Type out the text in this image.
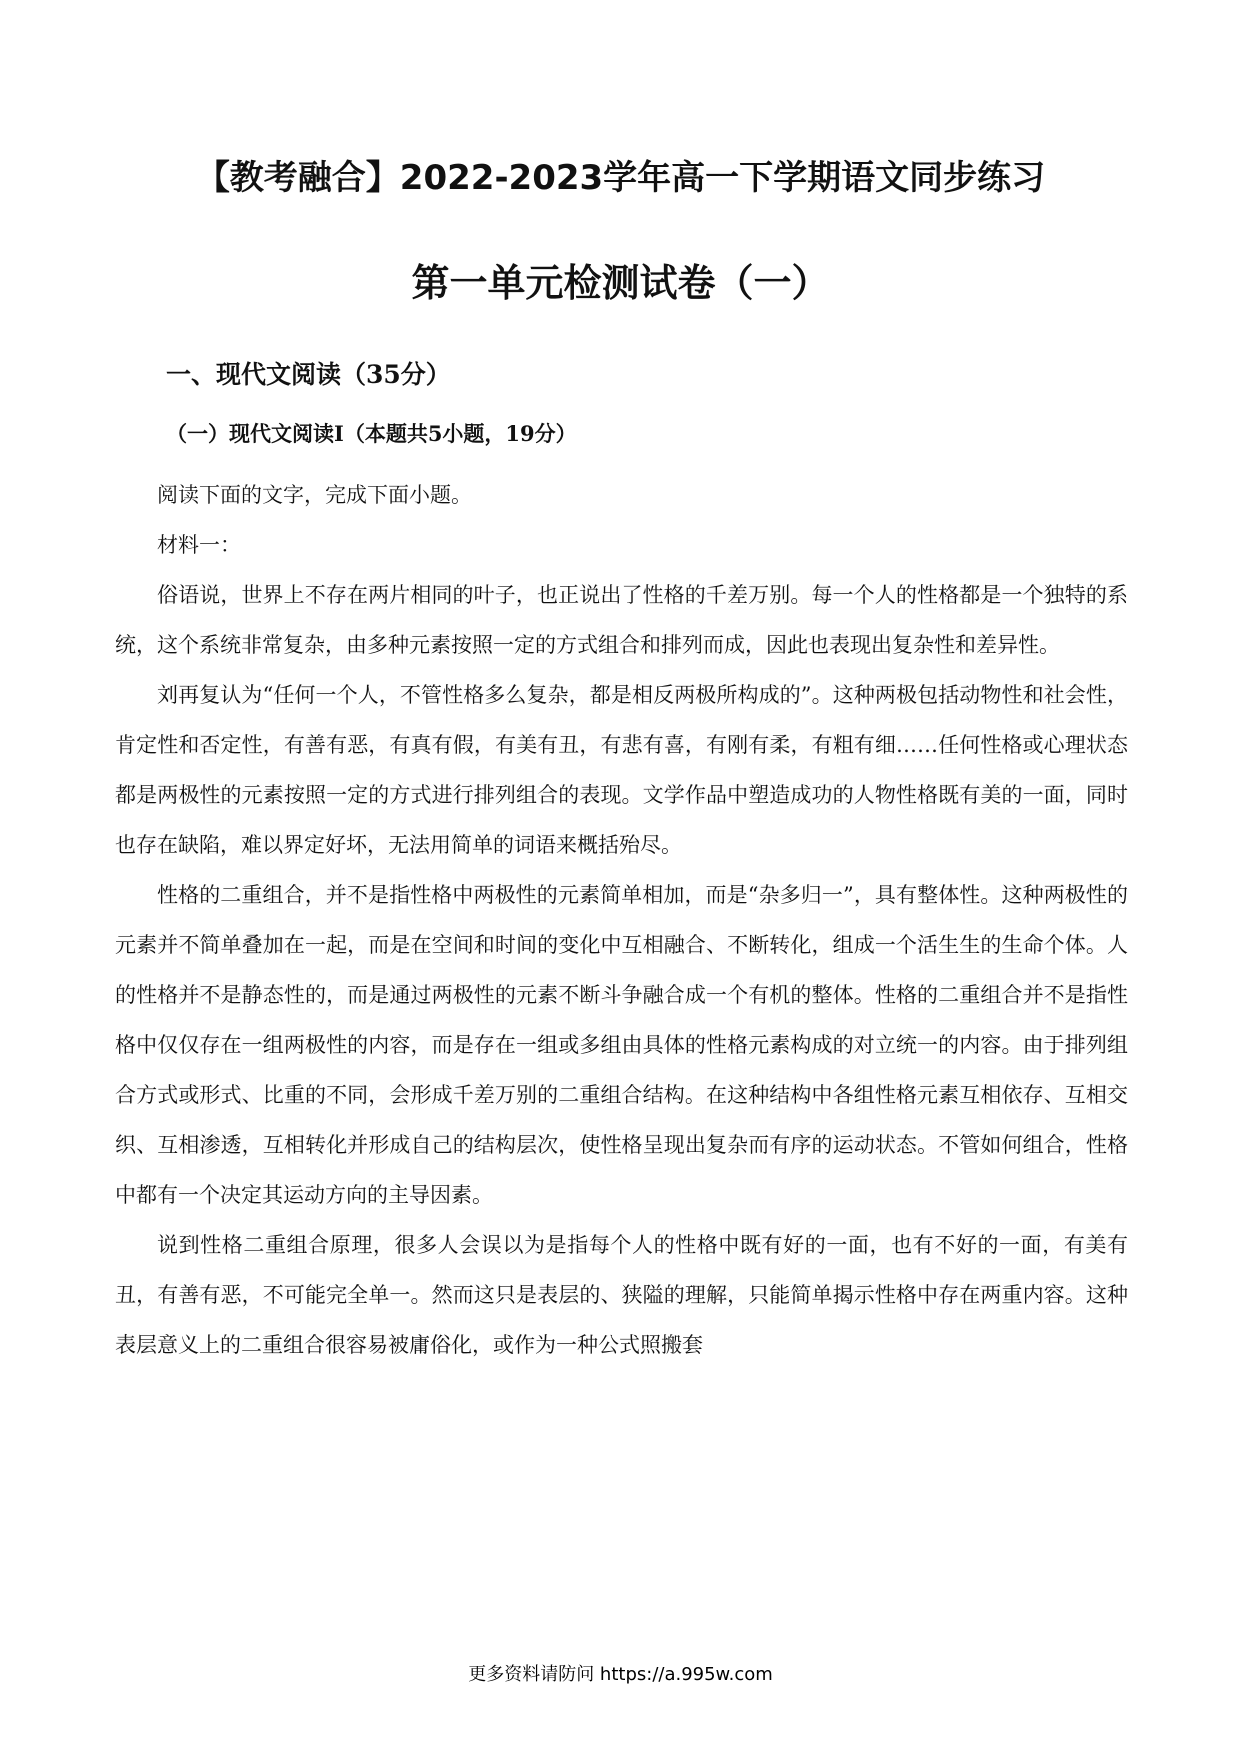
【教考融合】2022-2023学年高一下学期语文同步练习
第一单元检测试卷（一）
一、现代文阅读（35分）
（一）现代文阅读Ⅰ（本题共5小题，19分）

阅读下面的文字，完成下面小题。

材料一：

俗语说，世界上不存在两片相同的叶子，也正说出了性格的千差万别。每一个人的性格都是一个独特的系统，这个系统非常复杂，由多种元素按照一定的方式组合和排列而成，因此也表现出复杂性和差异性。

刘再复认为“任何一个人，不管性格多么复杂，都是相反两极所构成的”。这种两极包括动物性和社会性，肯定性和否定性，有善有恶，有真有假，有美有丑，有悲有喜，有刚有柔，有粗有细……任何性格或心理状态都是两极性的元素按照一定的方式进行排列组合的表现。文学作品中塑造成功的人物性格既有美的一面，同时也存在缺陷，难以界定好坏，无法用简单的词语来概括殆尽。

性格的二重组合，并不是指性格中两极性的元素简单相加，而是“杂多归一”，具有整体性。这种两极性的元素并不简单叠加在一起，而是在空间和时间的变化中互相融合、不断转化，组成一个活生生的生命个体。人的性格并不是静态性的，而是通过两极性的元素不断斗争融合成一个有机的整体。性格的二重组合并不是指性格中仅仅存在一组两极性的内容，而是存在一组或多组由具体的性格元素构成的对立统一的内容。由于排列组合方式或形式、比重的不同，会形成千差万别的二重组合结构。在这种结构中各组性格元素互相依存、互相交织、互相渗透，互相转化并形成自己的结构层次，使性格呈现出复杂而有序的运动状态。不管如何组合，性格中都有一个决定其运动方向的主导因素。

说到性格二重组合原理，很多人会误以为是指每个人的性格中既有好的一面，也有不好的一面，有美有丑，有善有恶，不可能完全单一。然而这只是表层的、狭隘的理解，只能简单揭示性格中存在两重内容。这种表层意义上的二重组合很容易被庸俗化，或作为一种公式照搬套

更多资料请防问 https://a.995w.com
